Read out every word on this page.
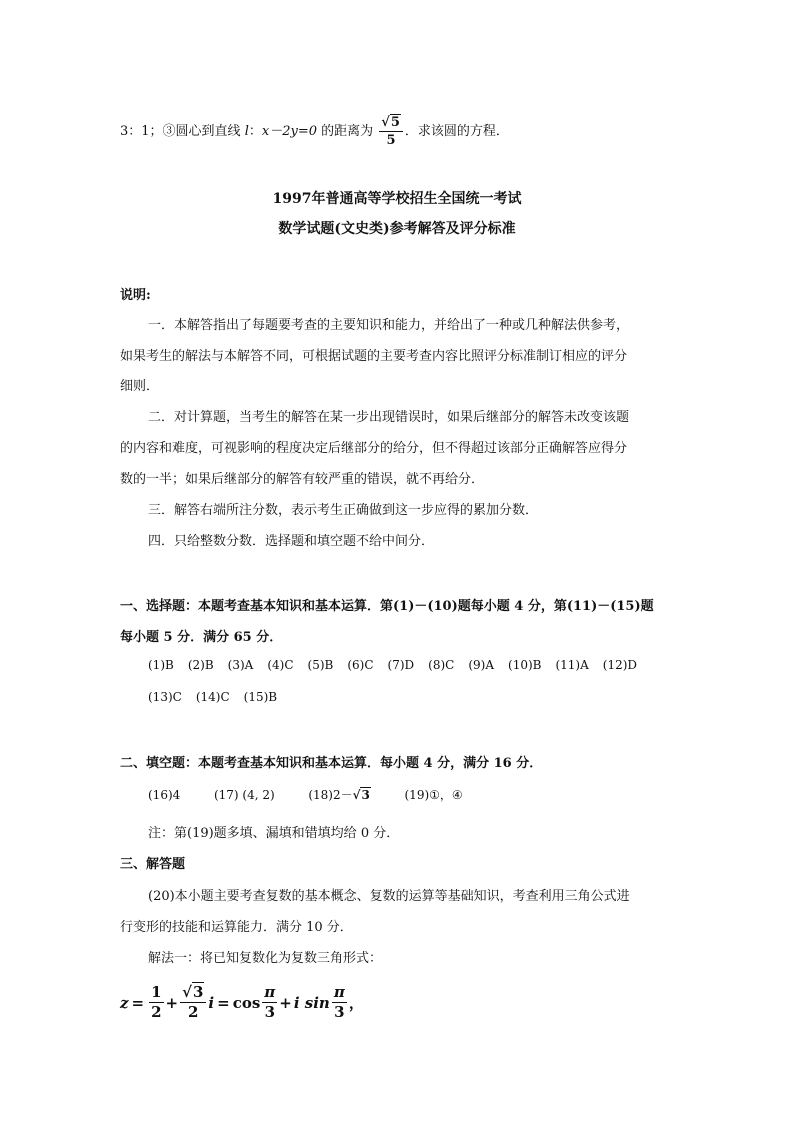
3：1；③圆心到直线 l：x－2y=0 的距离为 $\frac{√5}{5}$ ．求该圆的方程．
1997年普通高等学校招生全国统一考试
数学试题(文史类)参考解答及评分标准
说明:
一．本解答指出了每题要考查的主要知识和能力，并给出了一种或几种解法供参考，
如果考生的解法与本解答不同，可根据试题的主要考查内容比照评分标准制订相应的评分
细则．
二．对计算题，当考生的解答在某一步出现错误时，如果后继部分的解答未改变该题
的内容和难度，可视影响的程度决定后继部分的给分，但不得超过该部分正确解答应得分
数的一半；如果后继部分的解答有较严重的错误，就不再给分．
三．解答右端所注分数，表示考生正确做到这一步应得的累加分数．
四．只给整数分数．选择题和填空题不给中间分．
一、选择题：本题考查基本知识和基本运算．第(1)－(10)题每小题 4 分，第(11)－(15)题
每小题 5 分．满分 65 分．
(1)B (2)B (3)A (4)C (5)B (6)C (7)D (8)C (9)A (10)B (11)A (12)D
(13)C (14)C (15)B
二、填空题：本题考查基本知识和基本运算．每小题 4 分，满分 16 分．
(16)4	(17) (4, 2)	(18)2－√3	(19)①，④
注：第(19)题多填、漏填和错填均给 0 分．
三、解答题
(20)本小题主要考查复数的基本概念、复数的运算等基础知识，考查利用三角公式进
行变形的技能和运算能力．满分 10 分．
解法一：将已知复数化为复数三角形式：
$z = \frac{1}{2} + \frac{√3}{2}$ $i = \cos \frac{\pi}{3} + i$ $\sin \frac{\pi}{3}$ ，
